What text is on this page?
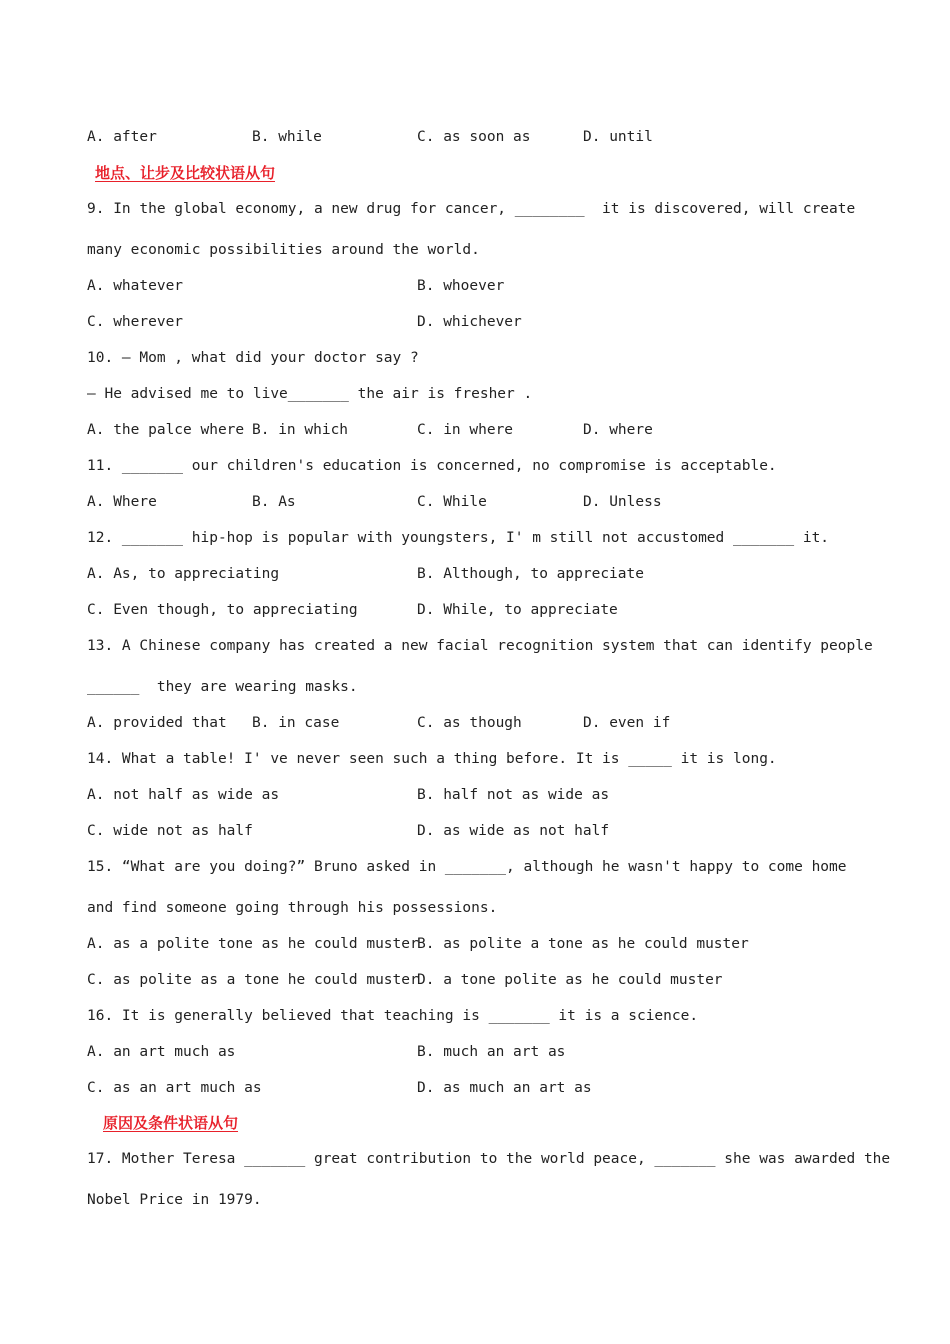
A. after	B. while	C. as soon as	D. until
地点、让步及比较状语从句
9. In the global economy, a new drug for cancer, ________  it is discovered, will create
many economic possibilities around the world.
A. whatever	B. whoever
C. wherever	D. whichever
10. — Mom , what did your doctor say ?
— He advised me to live_______ the air is fresher .
A. the palce where B. in which	C. in where	D. where
11. _______ our children's education is concerned, no compromise is acceptable.
A. Where	B. As	C. While	D. Unless
12. _______ hip-hop is popular with youngsters, I' m still not accustomed _______ it.
A. As, to appreciating	B. Although, to appreciate
C. Even though, to appreciating	D. While, to appreciate
13. A Chinese company has created a new facial recognition system that can identify people
______  they are wearing masks.
A. provided that B. in case	C. as though	D. even if
14. What a table! I' ve never seen such a thing before. It is _____ it is long.
A. not half as wide as	B. half not as wide as
C. wide not as half	D. as wide as not half
15. “What are you doing?” Bruno asked in _______, although he wasn't happy to come home
and find someone going through his possessions.
A. as a polite tone as he could muster
B. as polite a tone as he could muster
C. as polite as a tone he could muster
D. a tone polite as he could muster
16. It is generally believed that teaching is _______ it is a science.
A. an art much as	B. much an art as
C. as an art much as	D. as much an art as
原因及条件状语从句
17. Mother Teresa _______ great contribution to the world peace, _______ she was awarded the
Nobel Price in 1979.
